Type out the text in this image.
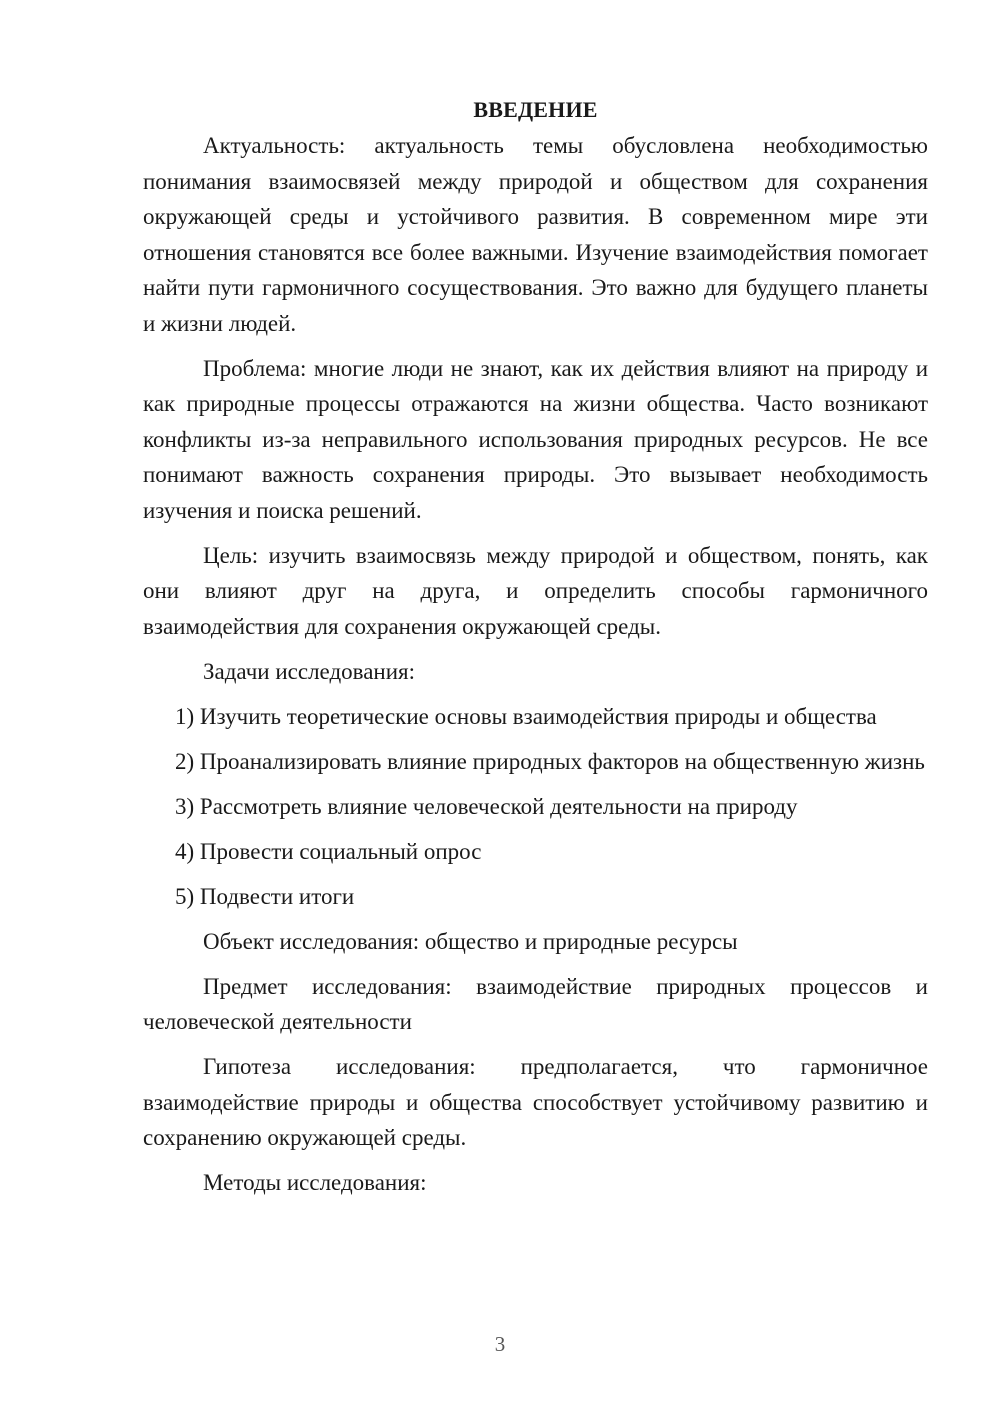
ВВЕДЕНИЕ

Актуальность: актуальность темы обусловлена необходимостью понимания взаимосвязей между природой и обществом для сохранения окружающей среды и устойчивого развития. В современном мире эти отношения становятся все более важными. Изучение взаимодействия помогает найти пути гармоничного сосуществования. Это важно для будущего планеты и жизни людей.

Проблема: многие люди не знают, как их действия влияют на природу и как природные процессы отражаются на жизни общества. Часто возникают конфликты из-за неправильного использования природных ресурсов. Не все понимают важность сохранения природы. Это вызывает необходимость изучения и поиска решений.

Цель: изучить взаимосвязь между природой и обществом, понять, как они влияют друг на друга, и определить способы гармоничного взаимодействия для сохранения окружающей среды.

Задачи исследования:

1) Изучить теоретические основы взаимодействия природы и общества

2) Проанализировать влияние природных факторов на общественную жизнь

3) Рассмотреть влияние человеческой деятельности на природу

4) Провести социальный опрос

5) Подвести итоги

Объект исследования: общество и природные ресурсы

Предмет исследования: взаимодействие природных процессов и человеческой деятельности

Гипотеза исследования: предполагается, что гармоничное взаимодействие природы и общества способствует устойчивому развитию и сохранению окружающей среды.

Методы исследования:

3
